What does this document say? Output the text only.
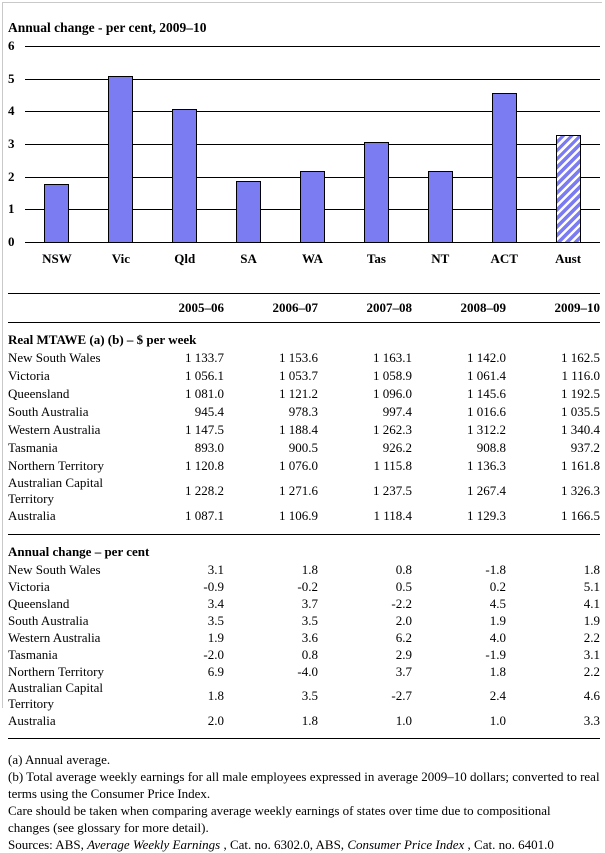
Annual change - per cent, 2009–10
0
1
2
3
4
5
6
NSW	Vic	Qld	SA	WA	Tas	NT	ACT	Aust
	2005–06	2006–07	2007–08	2008–09	2009–10
Real MTAWE (a) (b) – $ per week					
New South Wales	1 133.7	1 153.6	1 163.1	1 142.0	1 162.5
Victoria	1 056.1	1 053.7	1 058.9	1 061.4	1 116.0
Queensland	1 081.0	1 121.2	1 096.0	1 145.6	1 192.5
South Australia	945.4	978.3	997.4	1 016.6	1 035.5
Western Australia	1 147.5	1 188.4	1 262.3	1 312.2	1 340.4
Tasmania	893.0	900.5	926.2	908.8	937.2
Northern Territory	1 120.8	1 076.0	1 115.8	1 136.3	1 161.8
Australian Capital Territory	1 228.2	1 271.6	1 237.5	1 267.4	1 326.3
Australia	1 087.1	1 106.9	1 118.4	1 129.3	1 166.5

Annual change – per cent					
New South Wales	3.1	1.8	0.8	-1.8	1.8
Victoria	-0.9	-0.2	0.5	0.2	5.1
Queensland	3.4	3.7	-2.2	4.5	4.1
South Australia	3.5	3.5	2.0	1.9	1.9
Western Australia	1.9	3.6	6.2	4.0	2.2
Tasmania	-2.0	0.8	2.9	-1.9	3.1
Northern Territory	6.9	-4.0	3.7	1.8	2.2
Australian Capital Territory	1.8	3.5	-2.7	2.4	4.6
Australia	2.0	1.8	1.0	1.0	3.3

(a) Annual average.
(b) Total average weekly earnings for all male employees expressed in average 2009–10 dollars; converted to real terms using the Consumer Price Index.
Care should be taken when comparing average weekly earnings of states over time due to compositional
changes (see glossary for more detail).
Sources: ABS, Average Weekly Earnings , Cat. no. 6302.0, ABS, Consumer Price Index , Cat. no. 6401.0
